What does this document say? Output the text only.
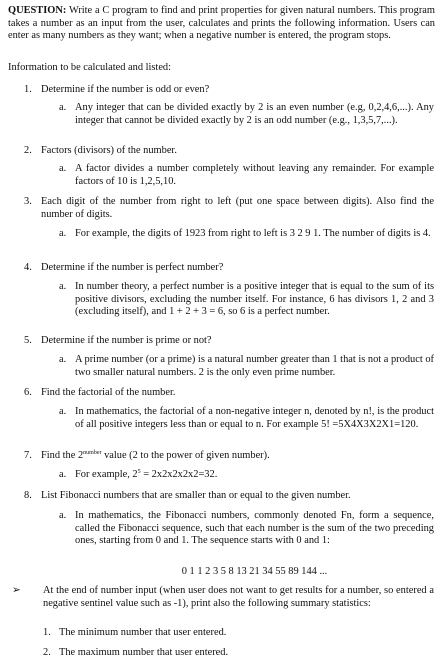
QUESTION: Write a C program to find and print properties for given natural numbers. This program takes a number as an input from the user, calculates and prints the following information. Users can enter as many numbers as they want; when a negative number is entered, the program stops.
Information to be calculated and listed:
1. Determine if the number is odd or even?
a. Any integer that can be divided exactly by 2 is an even number (e.g, 0,2,4,6,...). Any integer that cannot be divided exactly by 2 is an odd number (e.g., 1,3,5,7,...).
2. Factors (divisors) of the number.
a. A factor divides a number completely without leaving any remainder. For example factors of 10 is 1,2,5,10.
3. Each digit of the number from right to left (put one space between digits). Also find the number of digits.
a. For example, the digits of 1923 from right to left is 3 2 9 1. The number of digits is 4.
4. Determine if the number is perfect number?
a. In number theory, a perfect number is a positive integer that is equal to the sum of its positive divisors, excluding the number itself. For instance, 6 has divisors 1, 2 and 3 (excluding itself), and 1 + 2 + 3 = 6, so 6 is a perfect number.
5. Determine if the number is prime or not?
a. A prime number (or a prime) is a natural number greater than 1 that is not a product of two smaller natural numbers. 2 is the only even prime number.
6. Find the factorial of the number.
a. In mathematics, the factorial of a non-negative integer n, denoted by n!, is the product of all positive integers less than or equal to n. For example 5! =5X4X3X2X1=120.
7. Find the $2^{number}$ value (2 to the power of given number).
a. For example, $2^5 = 2x2x2x2x2=32$.
8. List Fibonacci numbers that are smaller than or equal to the given number.
a. In mathematics, the Fibonacci numbers, commonly denoted Fn, form a sequence, called the Fibonacci sequence, such that each number is the sum of the two preceding ones, starting from 0 and 1. The sequence starts with 0 and 1:
0 1 1 2 3 5 8 13 21 34 55 89 144 ...
➢ At the end of number input (when user does not want to get results for a number, so entered a negative sentinel value such as -1), print also the following summary statistics:
1. The minimum number that user entered.
2. The maximum number that user entered.
